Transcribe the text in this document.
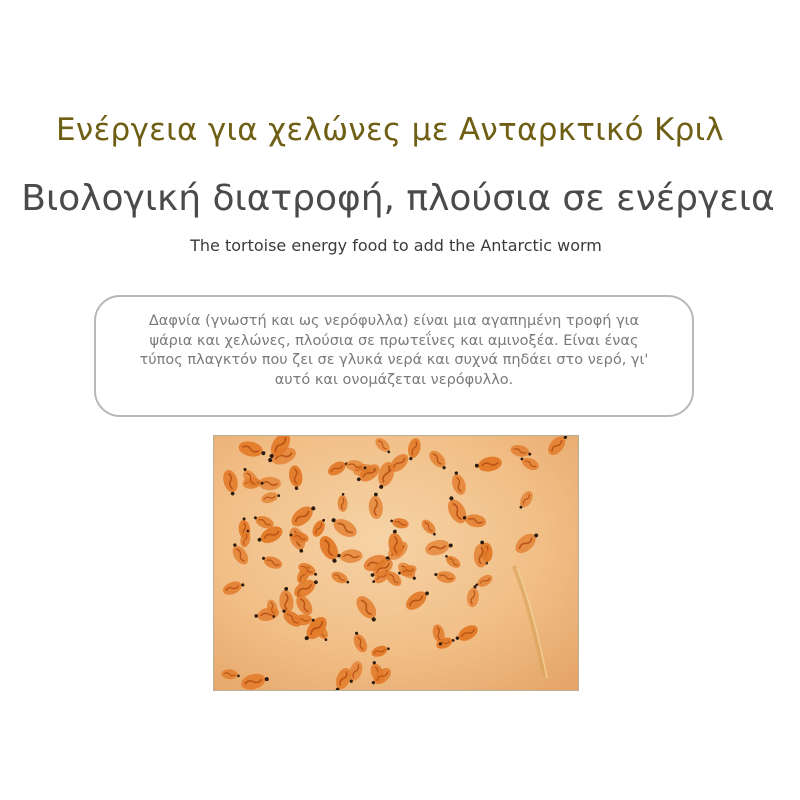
Ενέργεια για χελώνες με Ανταρκτικό Κριλ
Βιολογική διατροφή, πλούσια σε ενέργεια
The tortoise energy food to add the Antarctic worm
Δαφνία (γνωστή και ως νερόφυλλα) είναι μια αγαπημένη τροφή για ψάρια και χελώνες, πλούσια σε πρωτεΐνες και αμινοξέα. Είναι ένας τύπος πλαγκτόν που ζει σε γλυκά νερά και συχνά πηδάει στο νερό, γι' αυτό και ονομάζεται νερόφυλλο.
